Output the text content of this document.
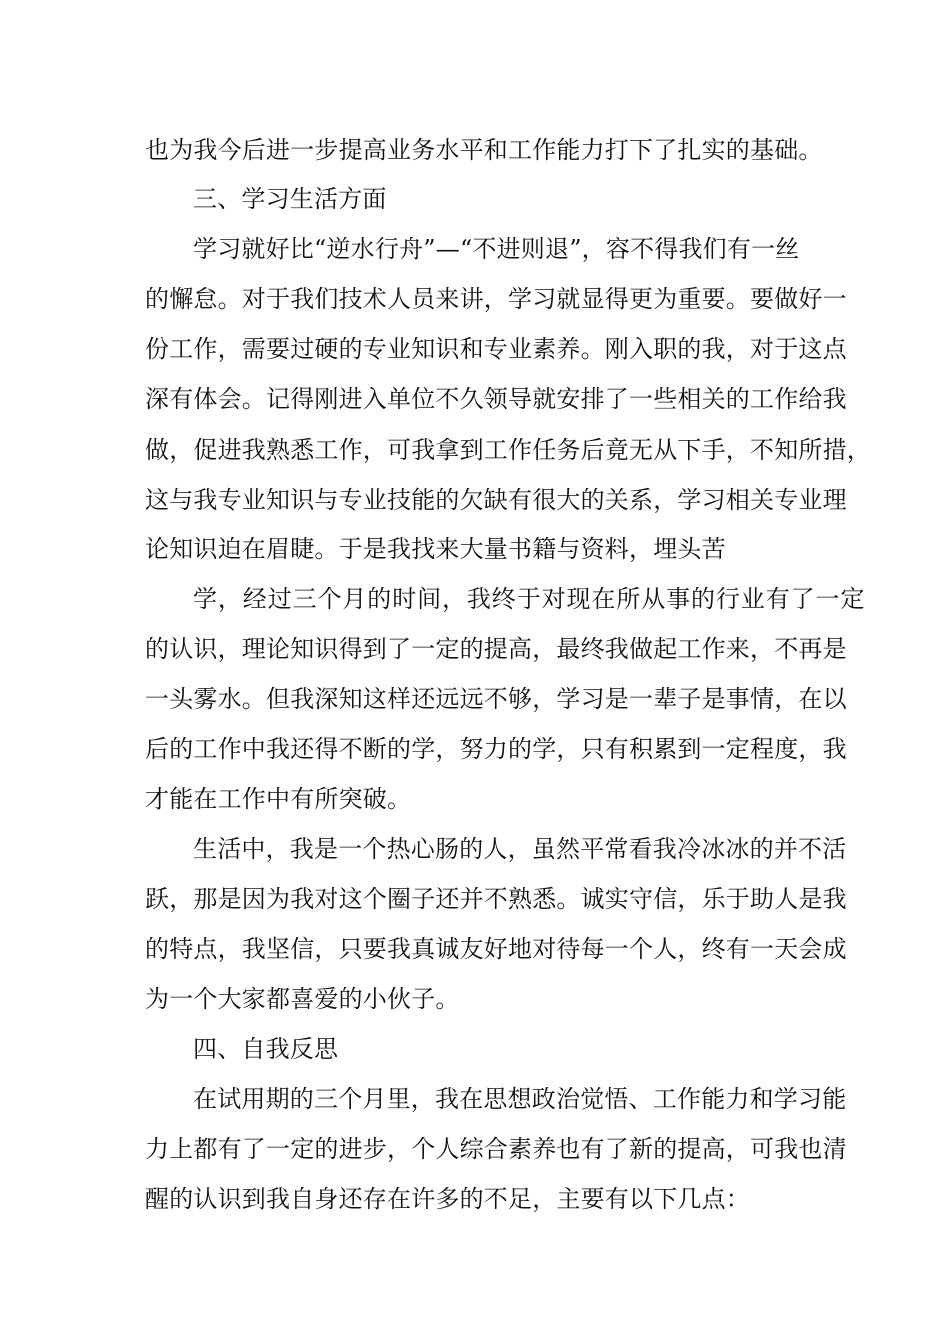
也为我今后进一步提高业务水平和工作能力打下了扎实的基础。
三、学习生活方面
学习就好比“逆水行舟”—“不进则退”，容不得我们有一丝
的懈怠。对于我们技术人员来讲，学习就显得更为重要。要做好一
份工作，需要过硬的专业知识和专业素养。刚入职的我，对于这点
深有体会。记得刚进入单位不久领导就安排了一些相关的工作给我
做，促进我熟悉工作，可我拿到工作任务后竟无从下手，不知所措，
这与我专业知识与专业技能的欠缺有很大的关系，学习相关专业理
论知识迫在眉睫。于是我找来大量书籍与资料，埋头苦
学，经过三个月的时间，我终于对现在所从事的行业有了一定
的认识，理论知识得到了一定的提高，最终我做起工作来，不再是
一头雾水。但我深知这样还远远不够，学习是一辈子是事情，在以
后的工作中我还得不断的学，努力的学，只有积累到一定程度，我
才能在工作中有所突破。
生活中，我是一个热心肠的人，虽然平常看我冷冰冰的并不活
跃，那是因为我对这个圈子还并不熟悉。诚实守信，乐于助人是我
的特点，我坚信，只要我真诚友好地对待每一个人，终有一天会成
为一个大家都喜爱的小伙子。
四、自我反思
在试用期的三个月里，我在思想政治觉悟、工作能力和学习能
力上都有了一定的进步，个人综合素养也有了新的提高，可我也清
醒的认识到我自身还存在许多的不足，主要有以下几点：
